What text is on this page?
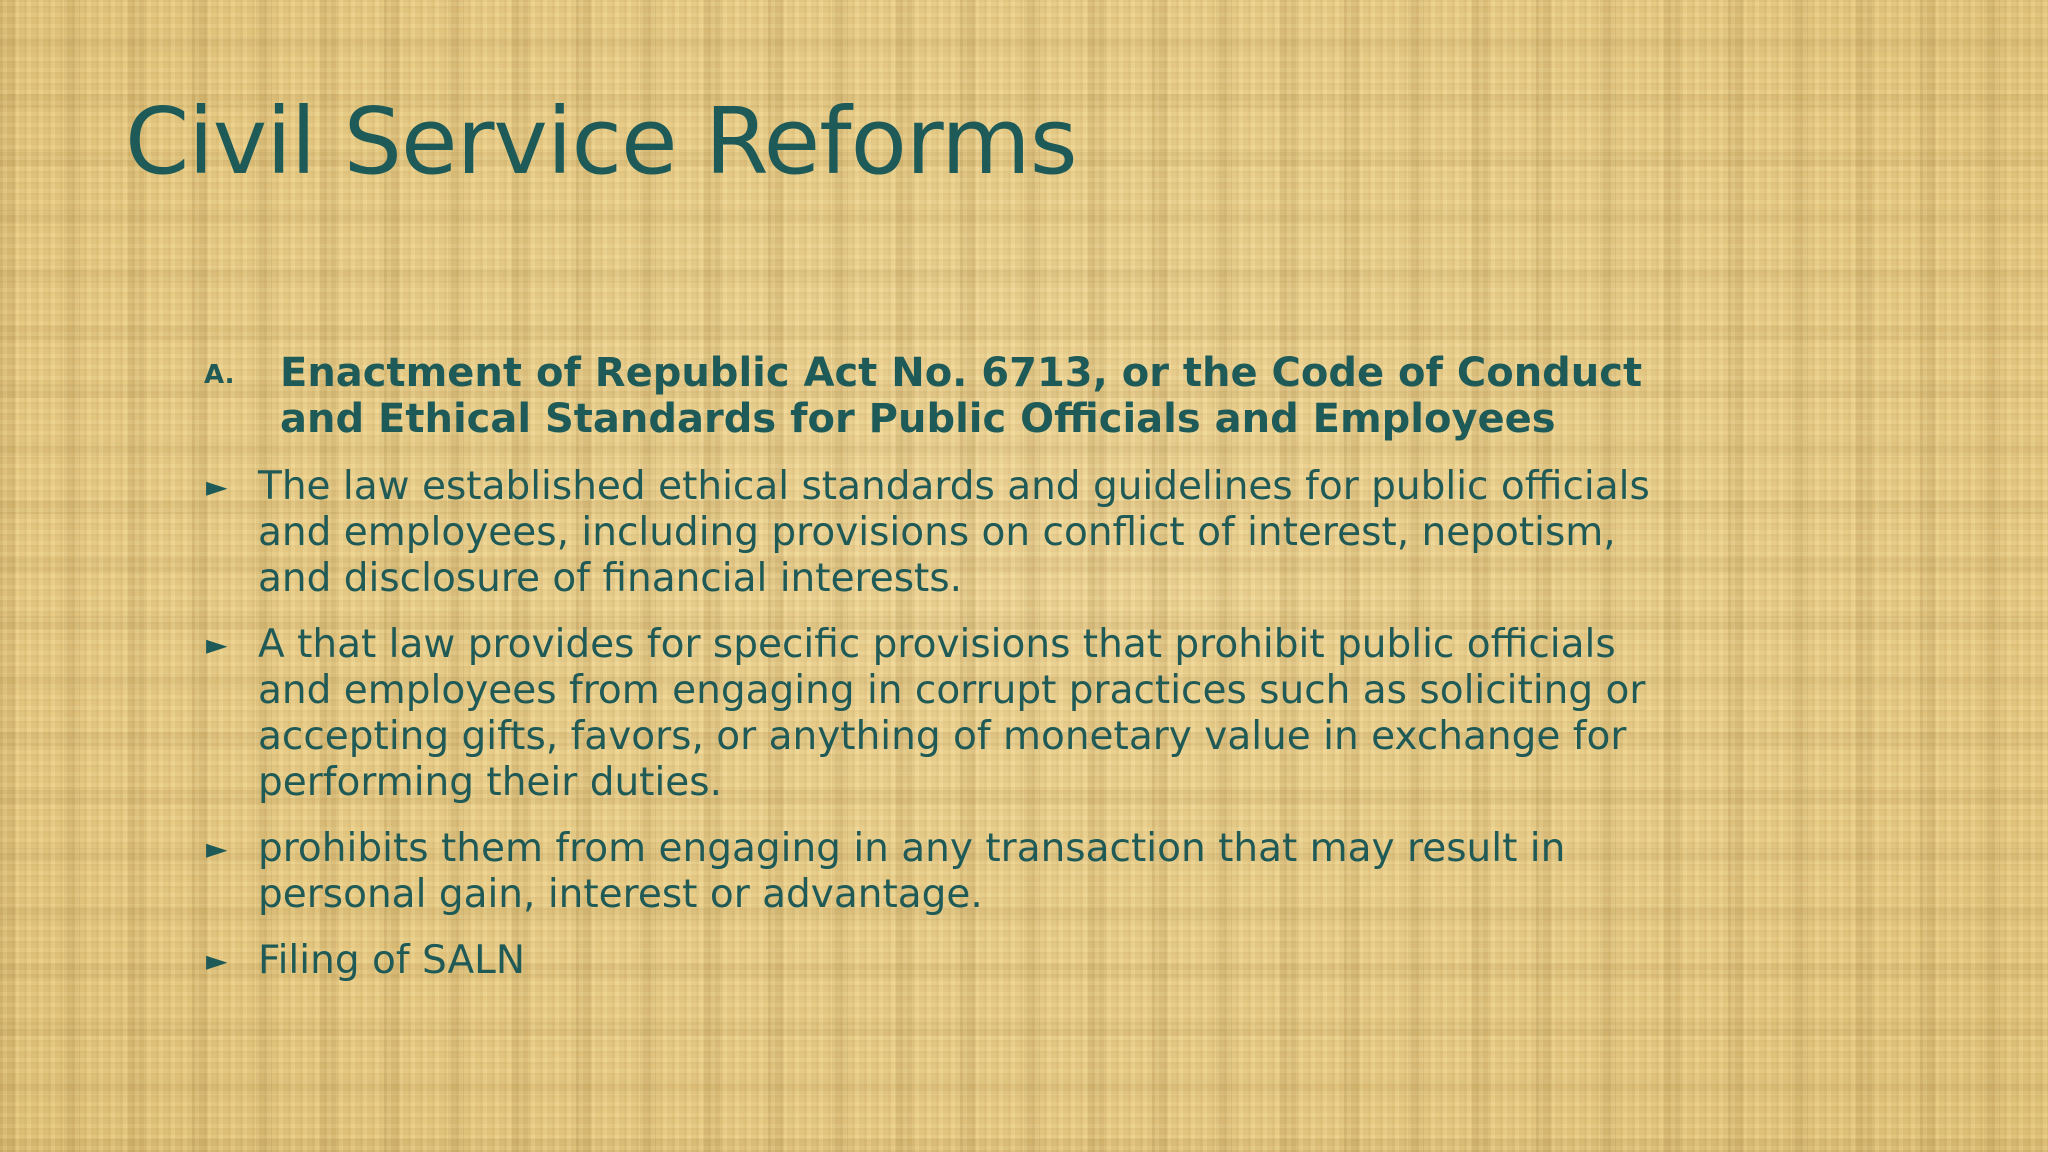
Civil Service Reforms
A.	Enactment of Republic Act No. 6713, or the Code of Conduct and Ethical Standards for Public Officials and Employees
► The law established ethical standards and guidelines for public officials and employees, including provisions on conflict of interest, nepotism, and disclosure of financial interests.
► A that law provides for specific provisions that prohibit public officials and employees from engaging in corrupt practices such as soliciting or accepting gifts, favors, or anything of monetary value in exchange for performing their duties.
► prohibits them from engaging in any transaction that may result in personal gain, interest or advantage.
► Filing of SALN
